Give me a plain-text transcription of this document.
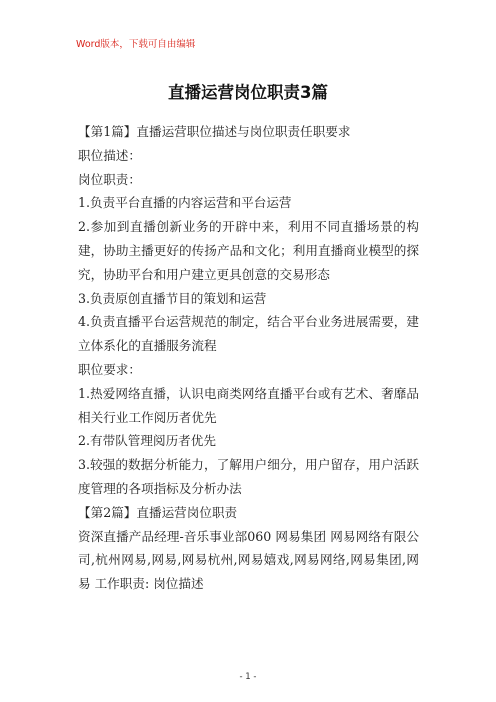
Word版本，下载可自由编辑
直播运营岗位职责3篇

【第1篇】直播运营职位描述与岗位职责任职要求

职位描述：

岗位职责：

1.负责平台直播的内容运营和平台运营

2.参加到直播创新业务的开辟中来，利用不同直播场景的构建，协助主播更好的传扬产品和文化；利用直播商业模型的探究，协助平台和用户建立更具创意的交易形态

3.负责原创直播节目的策划和运营

4.负责直播平台运营规范的制定，结合平台业务进展需要，建立体系化的直播服务流程

职位要求：

1.热爱网络直播，认识电商类网络直播平台或有艺术、奢靡品相关行业工作阅历者优先

2.有带队管理阅历者优先

3.较强的数据分析能力，了解用户细分，用户留存，用户活跃度管理的各项指标及分析办法

【第2篇】直播运营岗位职责

资深直播产品经理-音乐事业部060 网易集团 网易网络有限公司,杭州网易,网易,网易杭州,网易嬉戏,网易网络,网易集团,网易 工作职责: 岗位描述

- 1 -
